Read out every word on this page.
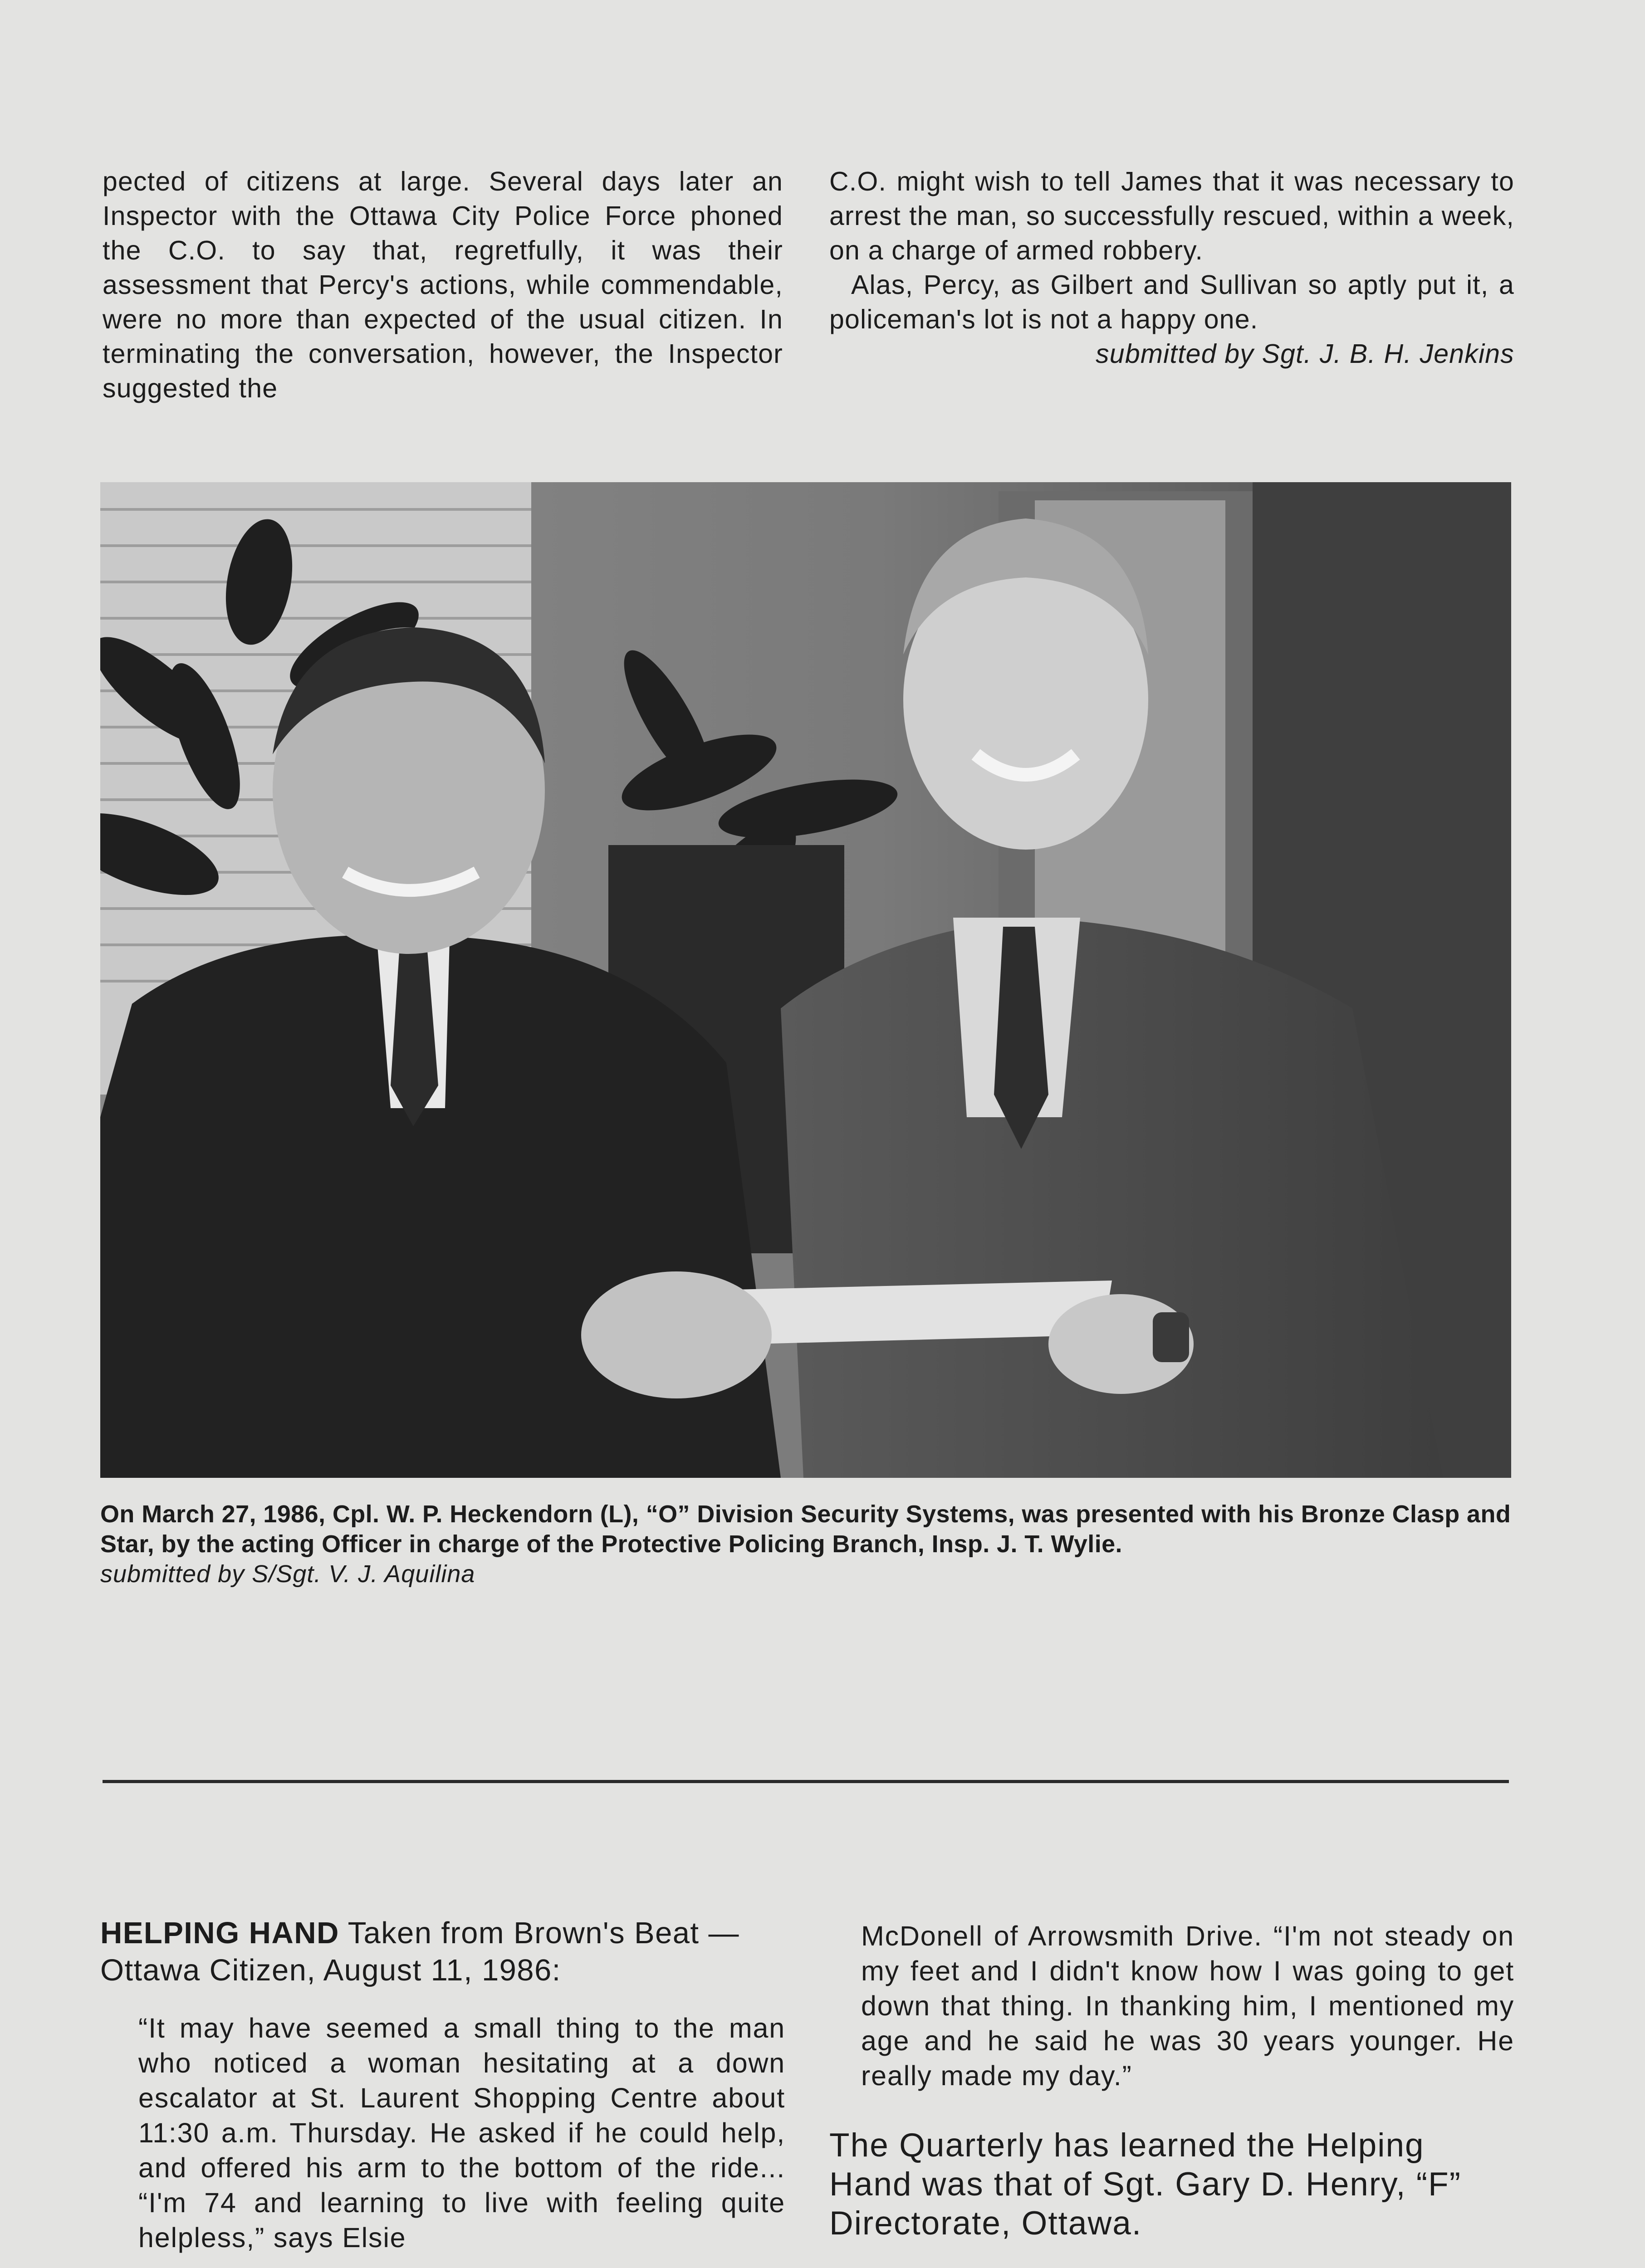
pected of citizens at large. Several days later an Inspector with the Ottawa City Police Force phoned the C.O. to say that, regretfully, it was their assessment that Percy's actions, while commendable, were no more than expected of the usual citizen. In terminating the conversation, however, the Inspector suggested the

C.O. might wish to tell James that it was necessary to arrest the man, so successfully rescued, within a week, on a charge of armed robbery.

Alas, Percy, as Gilbert and Sullivan so aptly put it, a policeman's lot is not a happy one.

submitted by Sgt. J. B. H. Jenkins

On March 27, 1986, Cpl. W. P. Heckendorn (L), “O” Division Security Systems, was presented with his Bronze Clasp and Star, by the acting Officer in charge of the Protective Policing Branch, Insp. J. T. Wylie.
submitted by S/Sgt. V. J. Aquilina
HELPING HAND Taken from Brown's Beat — Ottawa Citizen, August 11, 1986:

“It may have seemed a small thing to the man who noticed a woman hesitating at a down escalator at St. Laurent Shopping Centre about 11:30 a.m. Thursday. He asked if he could help, and offered his arm to the bottom of the ride... “I'm 74 and learning to live with feeling quite helpless,” says Elsie

McDonell of Arrowsmith Drive. “I'm not steady on my feet and I didn't know how I was going to get down that thing. In thanking him, I mentioned my age and he said he was 30 years younger. He really made my day.”

The Quarterly has learned the Helping Hand was that of Sgt. Gary D. Henry, “F” Directorate, Ottawa.
